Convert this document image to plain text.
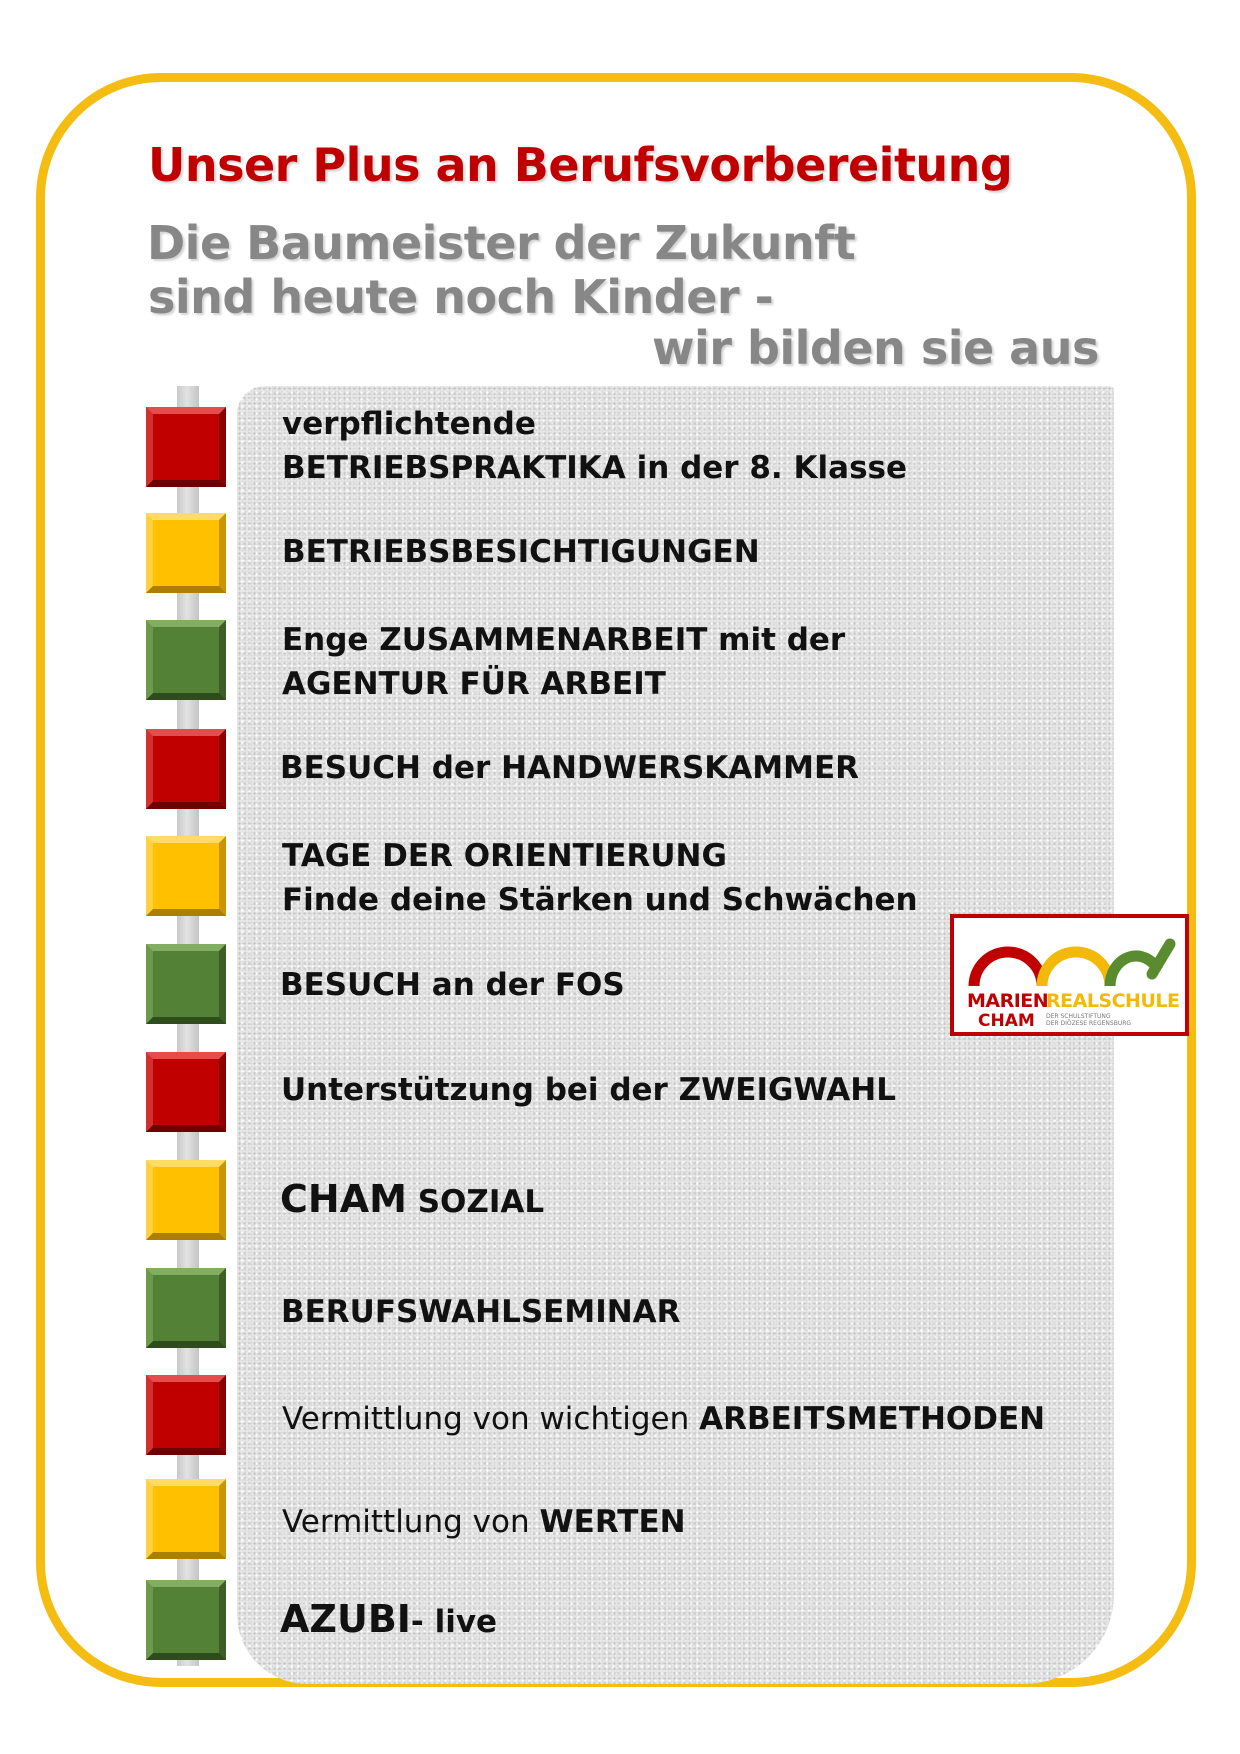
Unser Plus an Berufsvorbereitung

Die Baumeister der Zukunft

sind heute noch Kinder -

wir bilden sie aus

verpflichtende
BETRIEBSPRAKTIKA in der 8. Klasse

BETRIEBSBESICHTIGUNGEN

Enge ZUSAMMENARBEIT mit der
AGENTUR FÜR ARBEIT

BESUCH der HANDWERSKAMMER

TAGE DER ORIENTIERUNG
Finde deine Stärken und Schwächen

BESUCH an der FOS

Unterstützung bei der ZWEIGWAHL

CHAM SOZIAL

BERUFSWAHLSEMINAR

Vermittlung von wichtigen ARBEITSMETHODEN

Vermittlung von WERTEN

AZUBI- live

MARIEN

REALSCHULE

CHAM DER SCHULSTIFTUNG
DER DIÖZESE REGENSBURG
